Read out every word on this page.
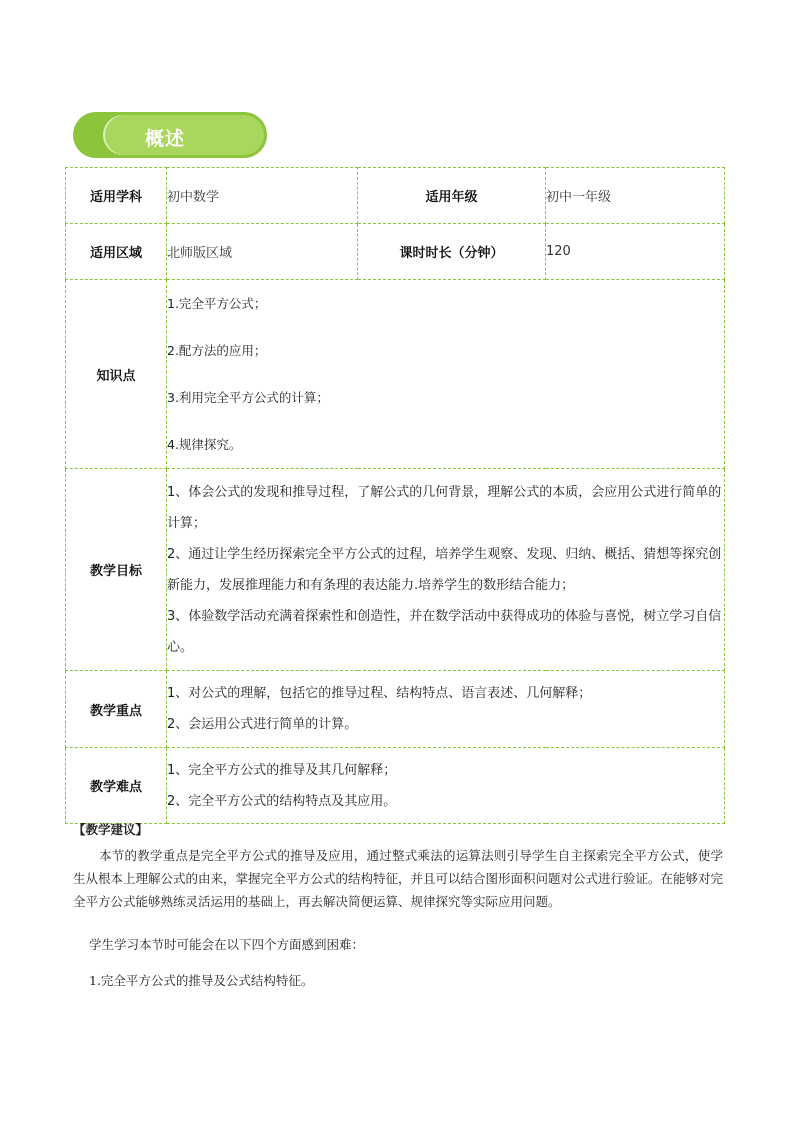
概述
适用学科	初中数学	适用年级	初中一年级
适用区域	北师版区域	课时时长（分钟）	120
知识点	1.完全平方公式；

2.配方法的应用；

3.利用完全平方公式的计算；

4.规律探究。		

教学目标	1、体会公式的发现和推导过程，了解公式的几何背景，理解公式的本质，会应用公式进行简单的计算；

2、通过让学生经历探索完全平方公式的过程，培养学生观察、发现、归纳、概括、猜想等探究创新能力，发展推理能力和有条理的表达能力.培养学生的数形结合能力；

3、体验数学活动充满着探索性和创造性，并在数学活动中获得成功的体验与喜悦，树立学习自信心。		

教学重点	1、对公式的理解，包括它的推导过程、结构特点、语言表述、几何解释；

2、会运用公式进行简单的计算。		

教学难点	1、完全平方公式的推导及其几何解释；

2、完全平方公式的结构特点及其应用。		

【教学建议】

本节的教学重点是完全平方公式的推导及应用，通过整式乘法的运算法则引导学生自主探索完全平方公式，使学生从根本上理解公式的由来，掌握完全平方公式的结构特征，并且可以结合图形面积问题对公式进行验证。在能够对完全平方公式能够熟练灵活运用的基础上，再去解决简便运算、规律探究等实际应用问题。

学生学习本节时可能会在以下四个方面感到困难：

1.完全平方公式的推导及公式结构特征。
